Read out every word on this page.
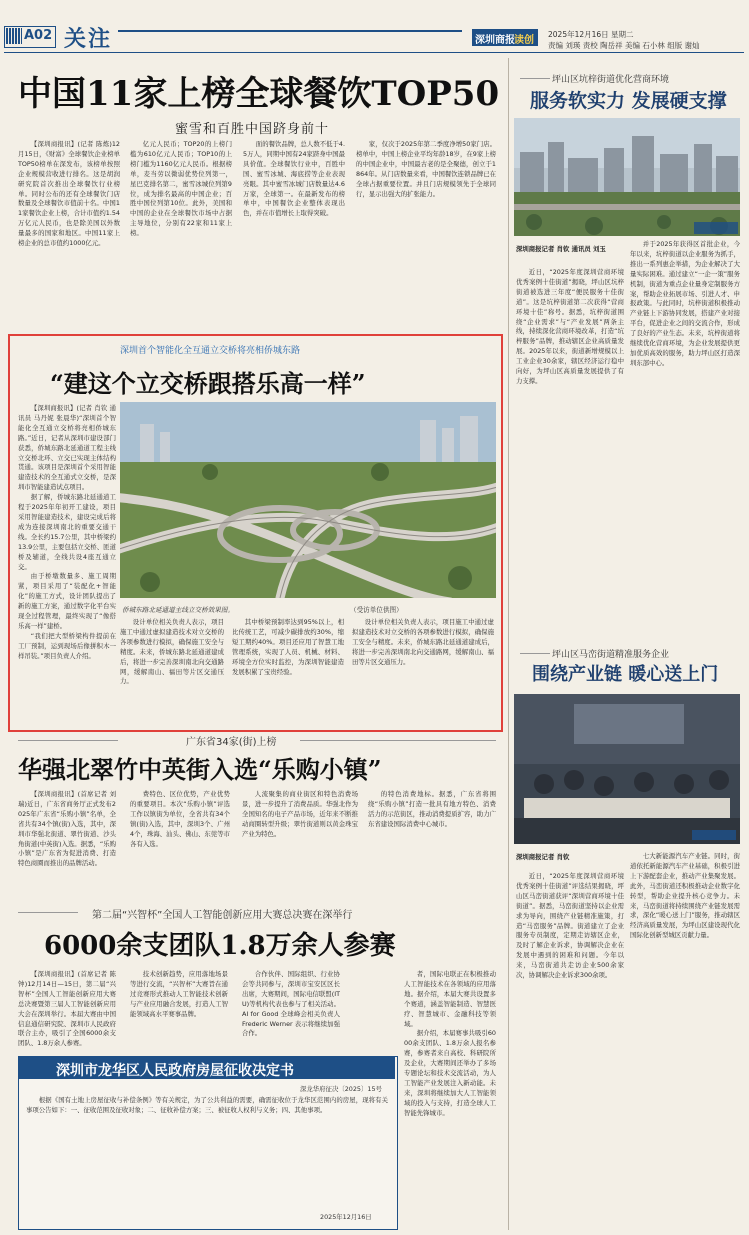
A02 关注	深圳商报 读创
2025年12月16日 星期二
责编 刘瑛 责校 陶岳祥 美编 石小林 组版 谢灿
中国11家上榜全球餐饮TOP50
蜜雪和百胜中国跻身前十

【深圳商报讯】(记者 陈炼)12月15日，《财富》全球餐饮企业榜单TOP50榜单在深发布，该榜单按照企业规模营收进行排名。这是胡润研究院首次推出全球餐饮行业榜单。同时公布的还有全球餐饮门店数量及全球餐饮市值前十名。中国11家餐饮企业上榜，合计市值约1.54万亿元人民币，也是除美国以外数量最多的国家和地区。中国11家上榜企业的总市值约1000亿元。

亿元人民币；TOP20的上榜门槛为610亿元人民币；TOP10的上榜门槛为1160亿元人民币。根据榜单，麦当劳以微弱优势位列第一，星巴克排名第二，蜜雪冰城位列第9位，成为排名最高的中国企业；百胜中国位列第10位。此外，美国和中国的企业在全球餐饮市场中占据主导地位，分别有22家和11家上榜。

面的餐饮品牌，总人数不低于4.5万人，同期中国有24家跻身中国最具价值。全球餐饮行业中，百胜中国、蜜雪冰城、海底捞等企业表现亮眼。其中蜜雪冰城门店数量达4.6万家，全球第一。在最新发布的榜单中，中国餐饮企业整体表现出色，并在市值增长上取得突破。

家，仅次于2025年第二季度净增50家门店。榜单中，中国上榜企业平均年龄18岁，在9家上榜的中国企业中，中国最古老的是全聚德，创立于1864年。从门店数量来看，中国餐饮连锁品牌已在全球占据重要位置。并且门店规模领先于全球同行，显示出强大的扩张能力。

深圳首个智能化全互通立交桥将亮相侨城东路
“建这个立交桥跟搭乐高一样”

【深圳商报讯】(记者 肖钦 通讯员 马丹妮 张晨华)“深圳首个智能化全互通立交桥将亮相侨城东路。”近日，记者从深圳市建设部门获悉，侨城东路北延通道工程主线立交桥北环、立交已实现主体结构贯通。该项目是深圳首个采用智能建造技术的全互通式立交桥，是深圳市智能建造试点项目。

据了解，侨城东路北延通道工程于2025年年初开工建设，项目采用智能建造技术，建设完成后将成为连接深圳南北的重要交通干线。全长约15.7公里，其中桥梁约13.9公里，主要包括立交桥、匝道桥及辅道，全线共设4座互通立交。

由于桥墩数量多、施工周期紧，项目采用了“装配化+智能化”的施工方式，设计团队提出了新的施工方案，通过数字化平台实现全过程管理，最终实现了“像搭乐高一样”建桥。

“我们把大型桥梁构件提前在工厂预制，运到现场后像拼积木一样吊装。”项目负责人介绍。

侨城东路北延通道主线立交桥效果图。	（受访单位供图）

设计单位相关负责人表示，项目施工中通过虚拟建造技术对立交桥的各项参数进行模拟，确保施工安全与精度。未来，侨城东路北延通道建成后，将进一步完善深圳南北向交通路网，缓解南山、福田等片区交通压力。

其中桥梁预制率达到95%以上，相比传统工艺，可减少碳排放约30%，缩短工期约40%。项目还应用了智慧工地管理系统，实现了人员、机械、材料、环境全方位实时监控，为深圳智能建造发展积累了宝贵经验。

设计单位相关负责人表示，项目施工中通过虚拟建造技术对立交桥的各项参数进行模拟，确保施工安全与精度。未来，侨城东路北延通道建成后，将进一步完善深圳南北向交通路网，缓解南山、福田等片区交通压力。

广东省34家(街)上榜
华强北翠竹中英街入选“乐购小镇”

【深圳商报讯】(首席记者 刘瑞)近日，广东省商务厅正式发布2025年广东省“乐购小镇”名单，全省共有34个镇(街)入选，其中，深圳市华强北街道、翠竹街道、沙头角街道(中英街)入选。据悉，“乐购小镇”是广东省为促进消费、打造特色商圈而推出的品牌活动。

费特色、区位优势，产业优势的重要项目。本次“乐购小镇”评选工作以镇街为单位，全省共有34个镇(街)入选，其中，深圳3个、广州4个，珠海、汕头、佛山、东莞等市各有入选。

人流聚集的商业街区和特色消费场景，进一步提升了消费品质。华强北作为全国知名的电子产品市场，近年来不断推动商圈转型升级；翠竹街道则以黄金珠宝产业为特色。

的特色消费地标。据悉，广东省将围绕“乐购小镇”打造一批具有地方特色、消费活力的示范街区，推动消费提质扩容，助力广东省建设国际消费中心城市。

第二届“兴智杯”全国人工智能创新应用大赛总决赛在深举行
6000余支团队1.8万余人参赛

【深圳商报讯】(首席记者 陈钟)12月14日—15日，第二届“兴智杯”全国人工智能创新应用大赛总决赛暨第三届人工智能创新应用大会在深圳举行。本届大赛由中国信息通信研究院、深圳市人民政府联合主办，吸引了全国6000余支团队、1.8万余人参赛。

技术创新趋势，应用落地场景等进行交流，“兴智杯”大赛旨在通过竞赛形式推动人工智能技术创新与产业应用融合发展，打造人工智能领域高水平赛事品牌。

合作伙伴、国际组织、行业协会等共同参与，深圳市宝安区区长出席，大赛期间，国际电信联盟(ITU)等机构代表也参与了相关活动。AI for Good 全球峰会相关负责人 Frederic Werner 表示将继续加强合作。

深圳市龙华区人民政府房屋征收决定书
深龙华府征决〔2025〕15号

根据《国有土地上房屋征收与补偿条例》等有关规定，为了公共利益的需要，确需征收位于龙华区范围内的房屋，现将有关事项公告如下：一、征收范围及征收对象；二、征收补偿方案；三、被征收人权利与义务；四、其他事项。

2025年12月16日

者，国际电联正在积极推动人工智能技术在各领域的应用落地。据介绍，本届大赛共设置多个赛道，涵盖智能制造、智慧医疗、智慧城市、金融科技等领域。

据介绍，本届赛事共吸引6000余支团队、1.8万余人报名参赛，参赛者来自高校、科研院所及企业，大赛期间还举办了多场专题论坛和技术交流活动，为人工智能产业发展注入新动能。未来，深圳将继续加大人工智能领域的投入与支持，打造全球人工智能先锋城市。

坪山区坑梓街道优化营商环境
服务软实力 发展硬支撑
深圳商报记者 肖钦 通讯员 刘玉

近日，“2025年度深圳营商环境优秀案例十佳街道”揭晓，坪山区坑梓街道被选进三年度“便民服务十佳街道”。这是坑梓街道第二次获得“营商环境十佳”称号。据悉，坑梓街道围绕“企业需求”与“产业发展”两条主线，持续深化营商环境改革，打造“坑梓服务”品牌，推动辖区企业高质量发展。2025年以来，街道新增规模以上工业企业30余家，辖区经济运行稳中向好，为坪山区高质量发展提供了有力支撑。

并于2025年获得区首批企业，今年以来，坑梓街道以企业服务为抓手，推出一系列惠企举措，为企业解决了大量实际困难。通过建立“一企一策”服务机制，街道为重点企业量身定制服务方案，帮助企业拓展市场、引进人才、申报政策。与此同时，坑梓街道积极推动产业链上下游协同发展，搭建产业对接平台，促进企业之间的交流合作，形成了良好的产业生态。未来，坑梓街道将继续优化营商环境，为企业发展提供更加优质高效的服务，助力坪山区打造深圳东部中心。

坪山区马峦街道精准服务企业
围绕产业链 暖心送上门
深圳商报记者 肖钦

近日，“2025年度深圳营商环境优秀案例十佳街道”评选结果揭晓，坪山区马峦街道获评“深圳营商环境十佳街道”。据悉，马峦街道坚持以企业需求为导向，围绕产业链精准施策，打造“马峦服务”品牌。街道建立了企业服务专员制度，定期走访辖区企业，及时了解企业诉求，协调解决企业在发展中遇到的困难和问题。今年以来，马峦街道共走访企业500余家次，协调解决企业诉求300余项。

七大新能源汽车产业链。同时，街道依托新能源汽车产业基础，积极引进上下游配套企业，推动产业集聚发展。此外，马峦街道还积极推动企业数字化转型，帮助企业提升核心竞争力。未来，马峦街道将持续围绕产业链发展需求，深化“暖心送上门”服务，推动辖区经济高质量发展，为坪山区建设现代化国际化创新型城区贡献力量。
